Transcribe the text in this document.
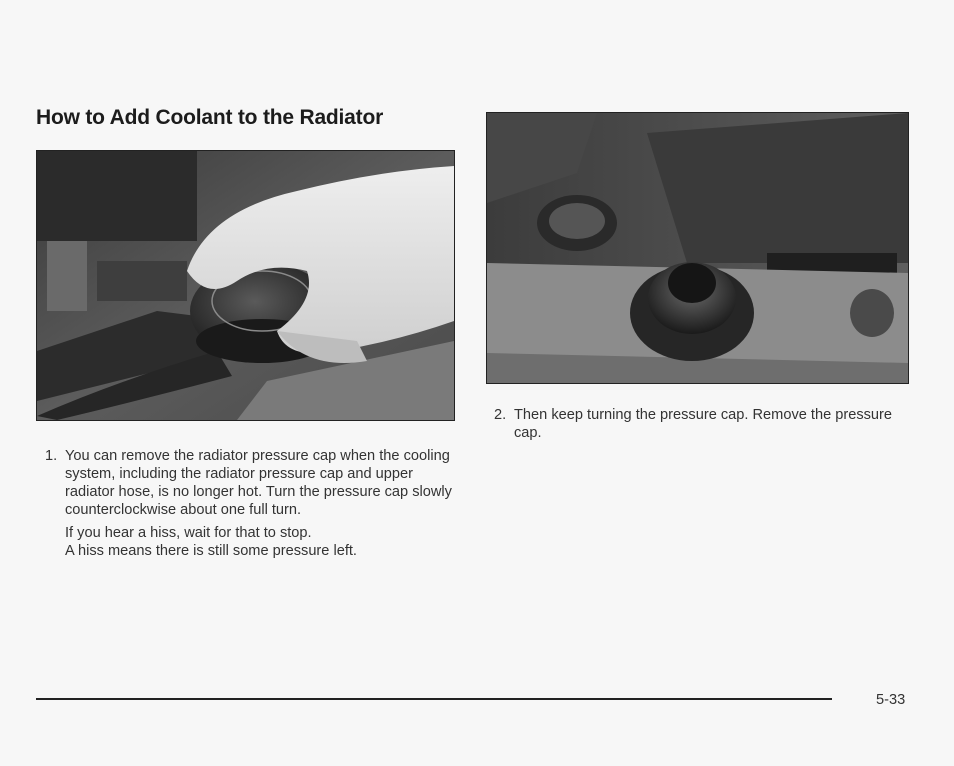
How to Add Coolant to the Radiator
1. You can remove the radiator pressure cap when the cooling system, including the radiator pressure cap and upper radiator hose, is no longer hot. Turn the pressure cap slowly counterclockwise about one full turn.
If you hear a hiss, wait for that to stop.
A hiss means there is still some pressure left.
2. Then keep turning the pressure cap. Remove the pressure cap.
5-33
